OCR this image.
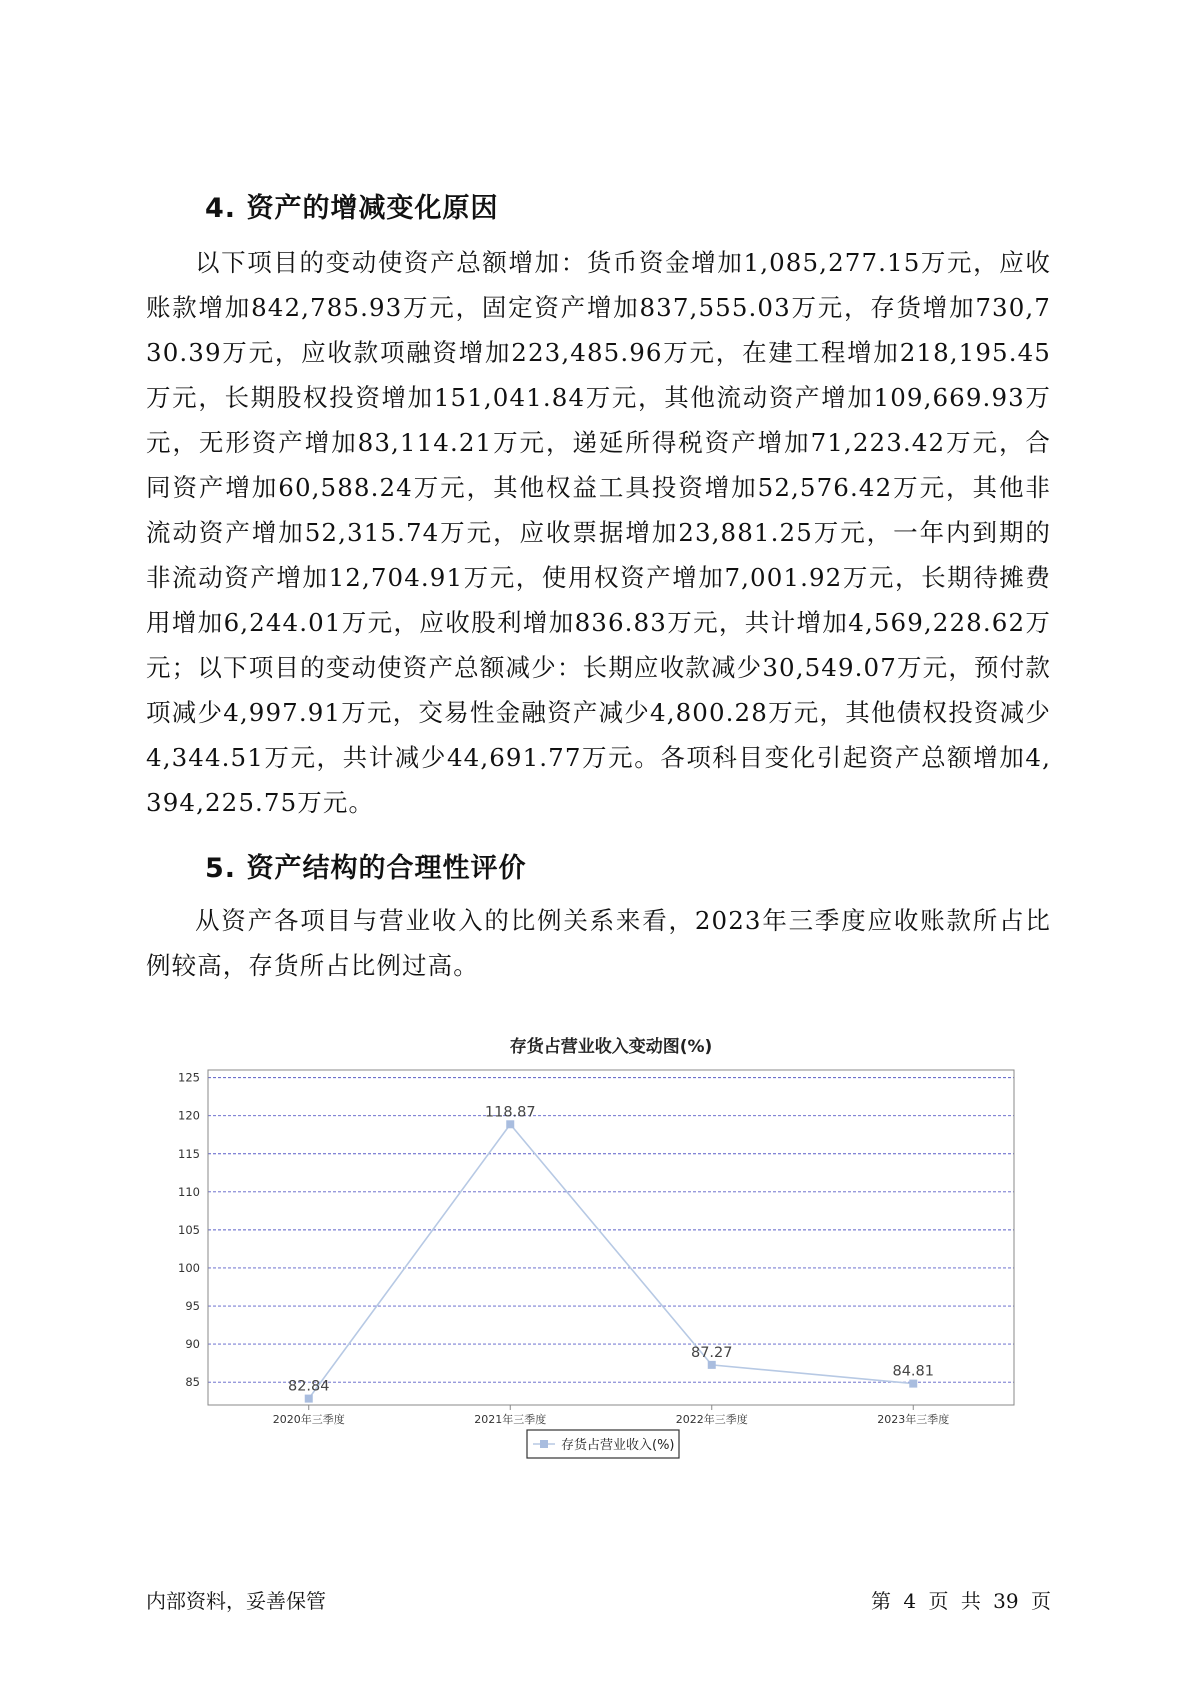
4. 资产的增减变化原因

以下项目的变动使资产总额增加：货币资金增加1,085,277.15万元，应收账款增加842,785.93万元，固定资产增加837,555.03万元，存货增加730,730.39万元，应收款项融资增加223,485.96万元，在建工程增加218,195.45万元，长期股权投资增加151,041.84万元，其他流动资产增加109,669.93万元，无形资产增加83,114.21万元，递延所得税资产增加71,223.42万元，合同资产增加60,588.24万元，其他权益工具投资增加52,576.42万元，其他非流动资产增加52,315.74万元，应收票据增加23,881.25万元，一年内到期的非流动资产增加12,704.91万元，使用权资产增加7,001.92万元，长期待摊费用增加6,244.01万元，应收股利增加836.83万元，共计增加4,569,228.62万元；以下项目的变动使资产总额减少：长期应收款减少30,549.07万元，预付款项减少4,997.91万元，交易性金融资产减少4,800.28万元，其他债权投资减少4,344.51万元，共计减少44,691.77万元。各项科目变化引起资产总额增加4,394,225.75万元。

5. 资产结构的合理性评价

从资产各项目与营业收入的比例关系来看，2023年三季度应收账款所占比例较高，存货所占比例过高。

存货占营业收入变动图(%)
85
90
95
100
105
110
115
120
125
2020年三季度	2021年三季度	2022年三季度	2023年三季度
82.84
118.87
87.27
84.81
存货占营业收入(%)

内部资料，妥善保管	第 4 页 共 39 页
